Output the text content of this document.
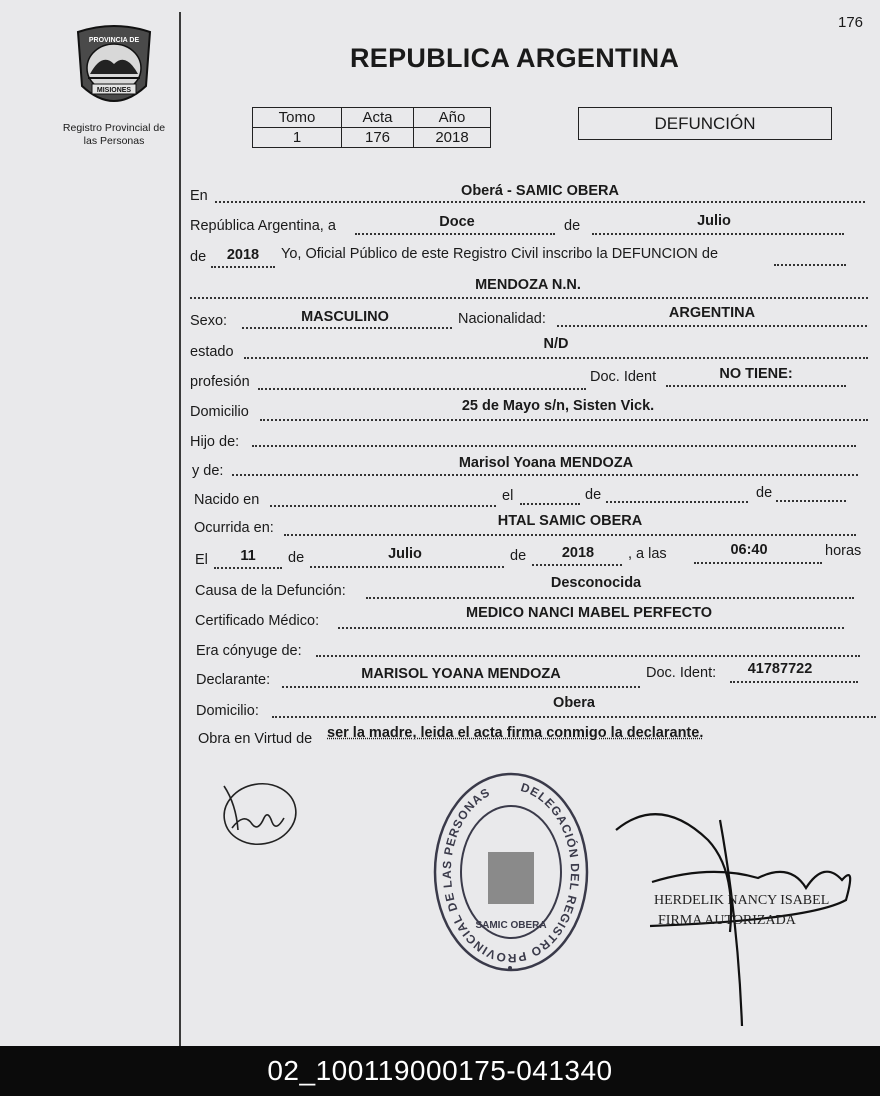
176
PROVINCIA DE
MISIONES
Registro Provincial de
las Personas
REPUBLICA ARGENTINA
Tomo	Acta	Año
1	176	2018
DEFUNCIÓN
En	Oberá - SAMIC OBERA
República Argentina, a	Doce	de	Julio
de 2018 Yo, Oficial Público de este Registro Civil inscribo la DEFUNCION de
MENDOZA N.N.
Sexo:	MASCULINO	Nacionalidad:	ARGENTINA
estado	N/D
profesión	Doc. Ident	NO TIENE:
Domicilio	25 de Mayo s/n, Sisten Vick.
Hijo de:
y de:	Marisol Yoana MENDOZA
Nacido en	el	de	de
Ocurrida en:	HTAL SAMIC OBERA
El 11 de	Julio	de 2018 , a las	06:40	horas
Causa de la Defunción:	Desconocida
Certificado Médico:	MEDICO NANCI MABEL PERFECTO
Era cónyuge de:
Declarante:	MARISOL YOANA MENDOZA	Doc. Ident: 41787722
Domicilio:	Obera
Obra en Virtud de ser la madre, leida el acta firma conmigo la declarante.
DELEGACIÓN DEL REGISTRO PROVINCIAL DE LAS PERSONAS
SAMIC OBERA
HERDELIK NANCY ISABEL
FIRMA AUTORIZADA
02_100119000175-041340
